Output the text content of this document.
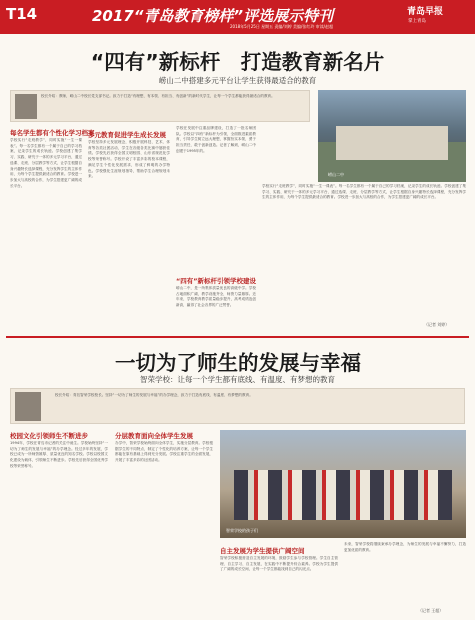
T14	2017“青岛教育榜样”评选展示特刊	青岛早报
掌上青岛
2018年5月25日 星期五 责编/刘婷 美编/张红玲 审读/赵超
“四有”新标杆　打造教育新名片
崂山二中搭建多元平台让学生获得最适合的教育
校长介绍：教师，崂山二中校长党支部书记。致力于打造“有理想、有本领、有担当、有创新”的新时代学生，让每一个学生都能获得最适合的教育。
崂山二中
每名学生都有个性化学习档案
学校实行“走班教学”，同时实施“一生一课表”。每一名学生都有一个属于自己的学习档案，记录学生的成长轨迹。学校创建了集学习、实践、研究于一体的多元学习平台，通过选课、走班、分层教学等方式，让学生根据自身兴趣特长选择课程，充分发挥学生的主体作用，为每个学生提供最适合的教育。学校进一步加大与高校的合作，为学生搭建更广阔的成长平台。
多元教育促进学生成长发展
学校坚持多元发展理念，积极开展科技、艺术、体育等各类社团活动，学生在各级各类比赛中屡获佳绩。学校先后获得全国文明校园、山东省规范化学校等荣誉称号。学校开设了丰富多彩的校本课程，满足学生个性化发展需求，形成了鲜明的办学特色。学校强化生涯规划指导，帮助学生合理规划未来。
学校在发展中注重品牌建设，打造了一批名师团队。学校以“四有”新标杆为引领，全面推进素质教育，引导学生树立远大理想，掌握扮实本领，勇于担当责任，敢于创新创造。记者了解到，崂山二中创建于1995年的。
“四有”新标杆引领学校建设
崂山二中，是一所集体质量优良的高级中学。学校占地面积广阔，教学设施齐全，师资力量雄厚。近年来，学校教育教学质量稳步提升，高考成绩连创新高，赢得了社会各界的广泛赞誉。
学校实行“走班教学”，同时实施“一生一课表”。每一名学生都有一个属于自己的学习档案，记录学生的成长轨迹。学校创建了集学习、实践、研究于一体的多元学习平台，通过选课、走班、分层教学等方式，让学生根据自身兴趣特长选择课程，充分发挥学生的主体作用，为每个学生提供最适合的教育。学校进一步加大与高校的合作，为学生搭建更广阔的成长平台。
（记者 刘婷）
一切为了师生的发展与幸福
智荣学校：让每一个学生都有底线、有温度、有梦想的教育
校长介绍：青岛智荣学校校长。坚持“一切为了师生的发展与幸福”的办学理念，致力于打造有底线、有温度、有梦想的教育。
校园文化引领师生不断进步
1994年，学校在青岛市记者的关注中诞生。学校始终坚持“一切为了师生的发展与幸福”的办学理念。经过多年的发展，学校已成为一所师资雄厚、质量优良的知名学校。学校以校园文化建设为载体，引领师生不断进步。学校先后获得全国优秀学校等荣誉称号。
分层教育面向全体学生发展
办学中，智荣学校始终面向全体学生，实施分层教育。学校根据学生的不同特点，制定了个性化的培养方案，让每一个学生都能在原有基础上得到充分发展。学校注重学生的全面发展，开展了丰富多彩的社团活动。
智荣学校的孩子们
自主发展为学生提供广阔空间
智荣学校积极营造自主发展的环境，鼓励学生参与学校管理。学生自主管理、自主学习、自主发展，在实践中不断提升综合素养。学校为学生提供了广阔的成长空间，让每一个学生都能找到自己的闪光点。
未来，智荣学校将继续秉承办学理念，为师生的发展与幸福不懈努力，打造更加优质的教育。
（记者 王超）
